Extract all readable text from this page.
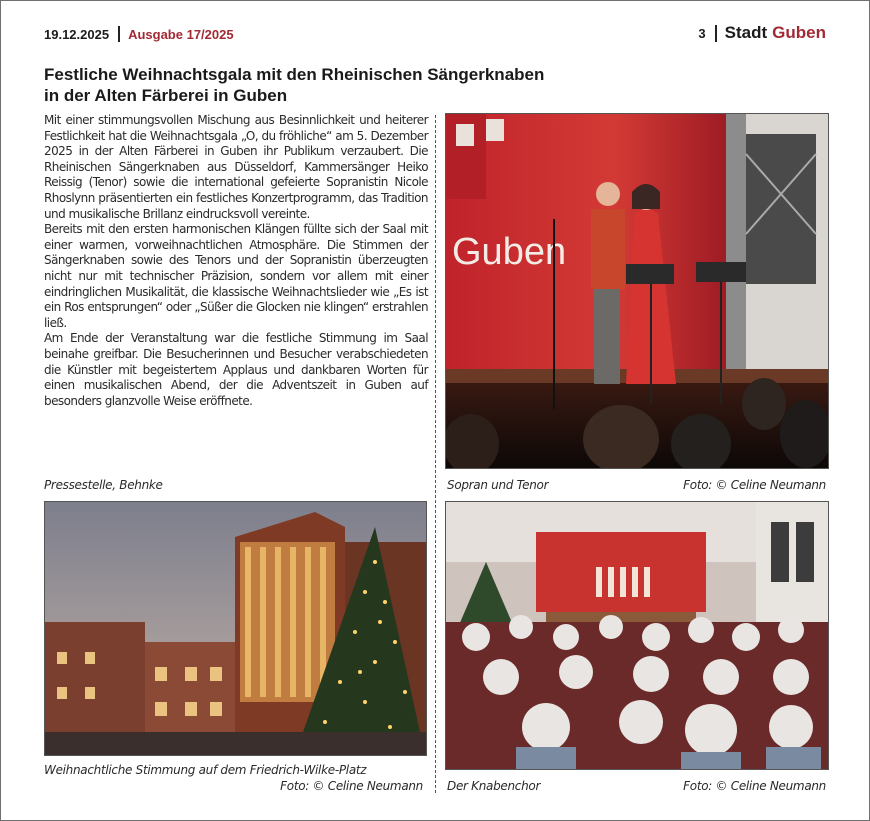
19.12.2025 Ausgabe 17/2025	3 Stadt Guben
Festliche Weihnachtsgala mit den Rheinischen Sängerknaben
in der Alten Färberei in Guben

Mit einer stimmungsvollen Mischung aus Besinnlichkeit und heiterer Festlichkeit hat die Weihnachtsgala „O, du fröhliche“ am 5. Dezember 2025 in der Alten Färberei in Guben ihr Publikum verzaubert. Die Rheinischen Sängerknaben aus Düsseldorf, Kammersänger Heiko Reissig (Tenor) sowie die international gefeierte Sopranistin Nicole Rhoslynn präsentierten ein festliches Konzertprogramm, das Tradition und musikalische Brillanz eindrucksvoll vereinte.

Bereits mit den ersten harmonischen Klängen füllte sich der Saal mit einer warmen, vorweihnachtlichen Atmosphäre. Die Stimmen der Sängerknaben sowie des Tenors und der Sopranistin überzeugten nicht nur mit technischer Präzision, sondern vor allem mit einer eindringlichen Musikalität, die klassische Weihnachtslieder wie „Es ist ein Ros entsprungen“ oder „Süßer die Glocken nie klingen“ erstrahlen ließ.

Am Ende der Veranstaltung war die festliche Stimmung im Saal beinahe greifbar. Die Besucherinnen und Besucher verabschiedeten die Künstler mit begeistertem Applaus und dankbaren Worten für einen musikalischen Abend, der die Adventszeit in Guben auf besonders glanzvolle Weise eröffnete.

Pressestelle, Behnke
Guben
Sopran und Tenor	Foto: © Celine Neumann
Weihnachtliche Stimmung auf dem Friedrich-Wilke-Platz
Foto: © Celine Neumann Der Knabenchor	Foto: © Celine Neumann
